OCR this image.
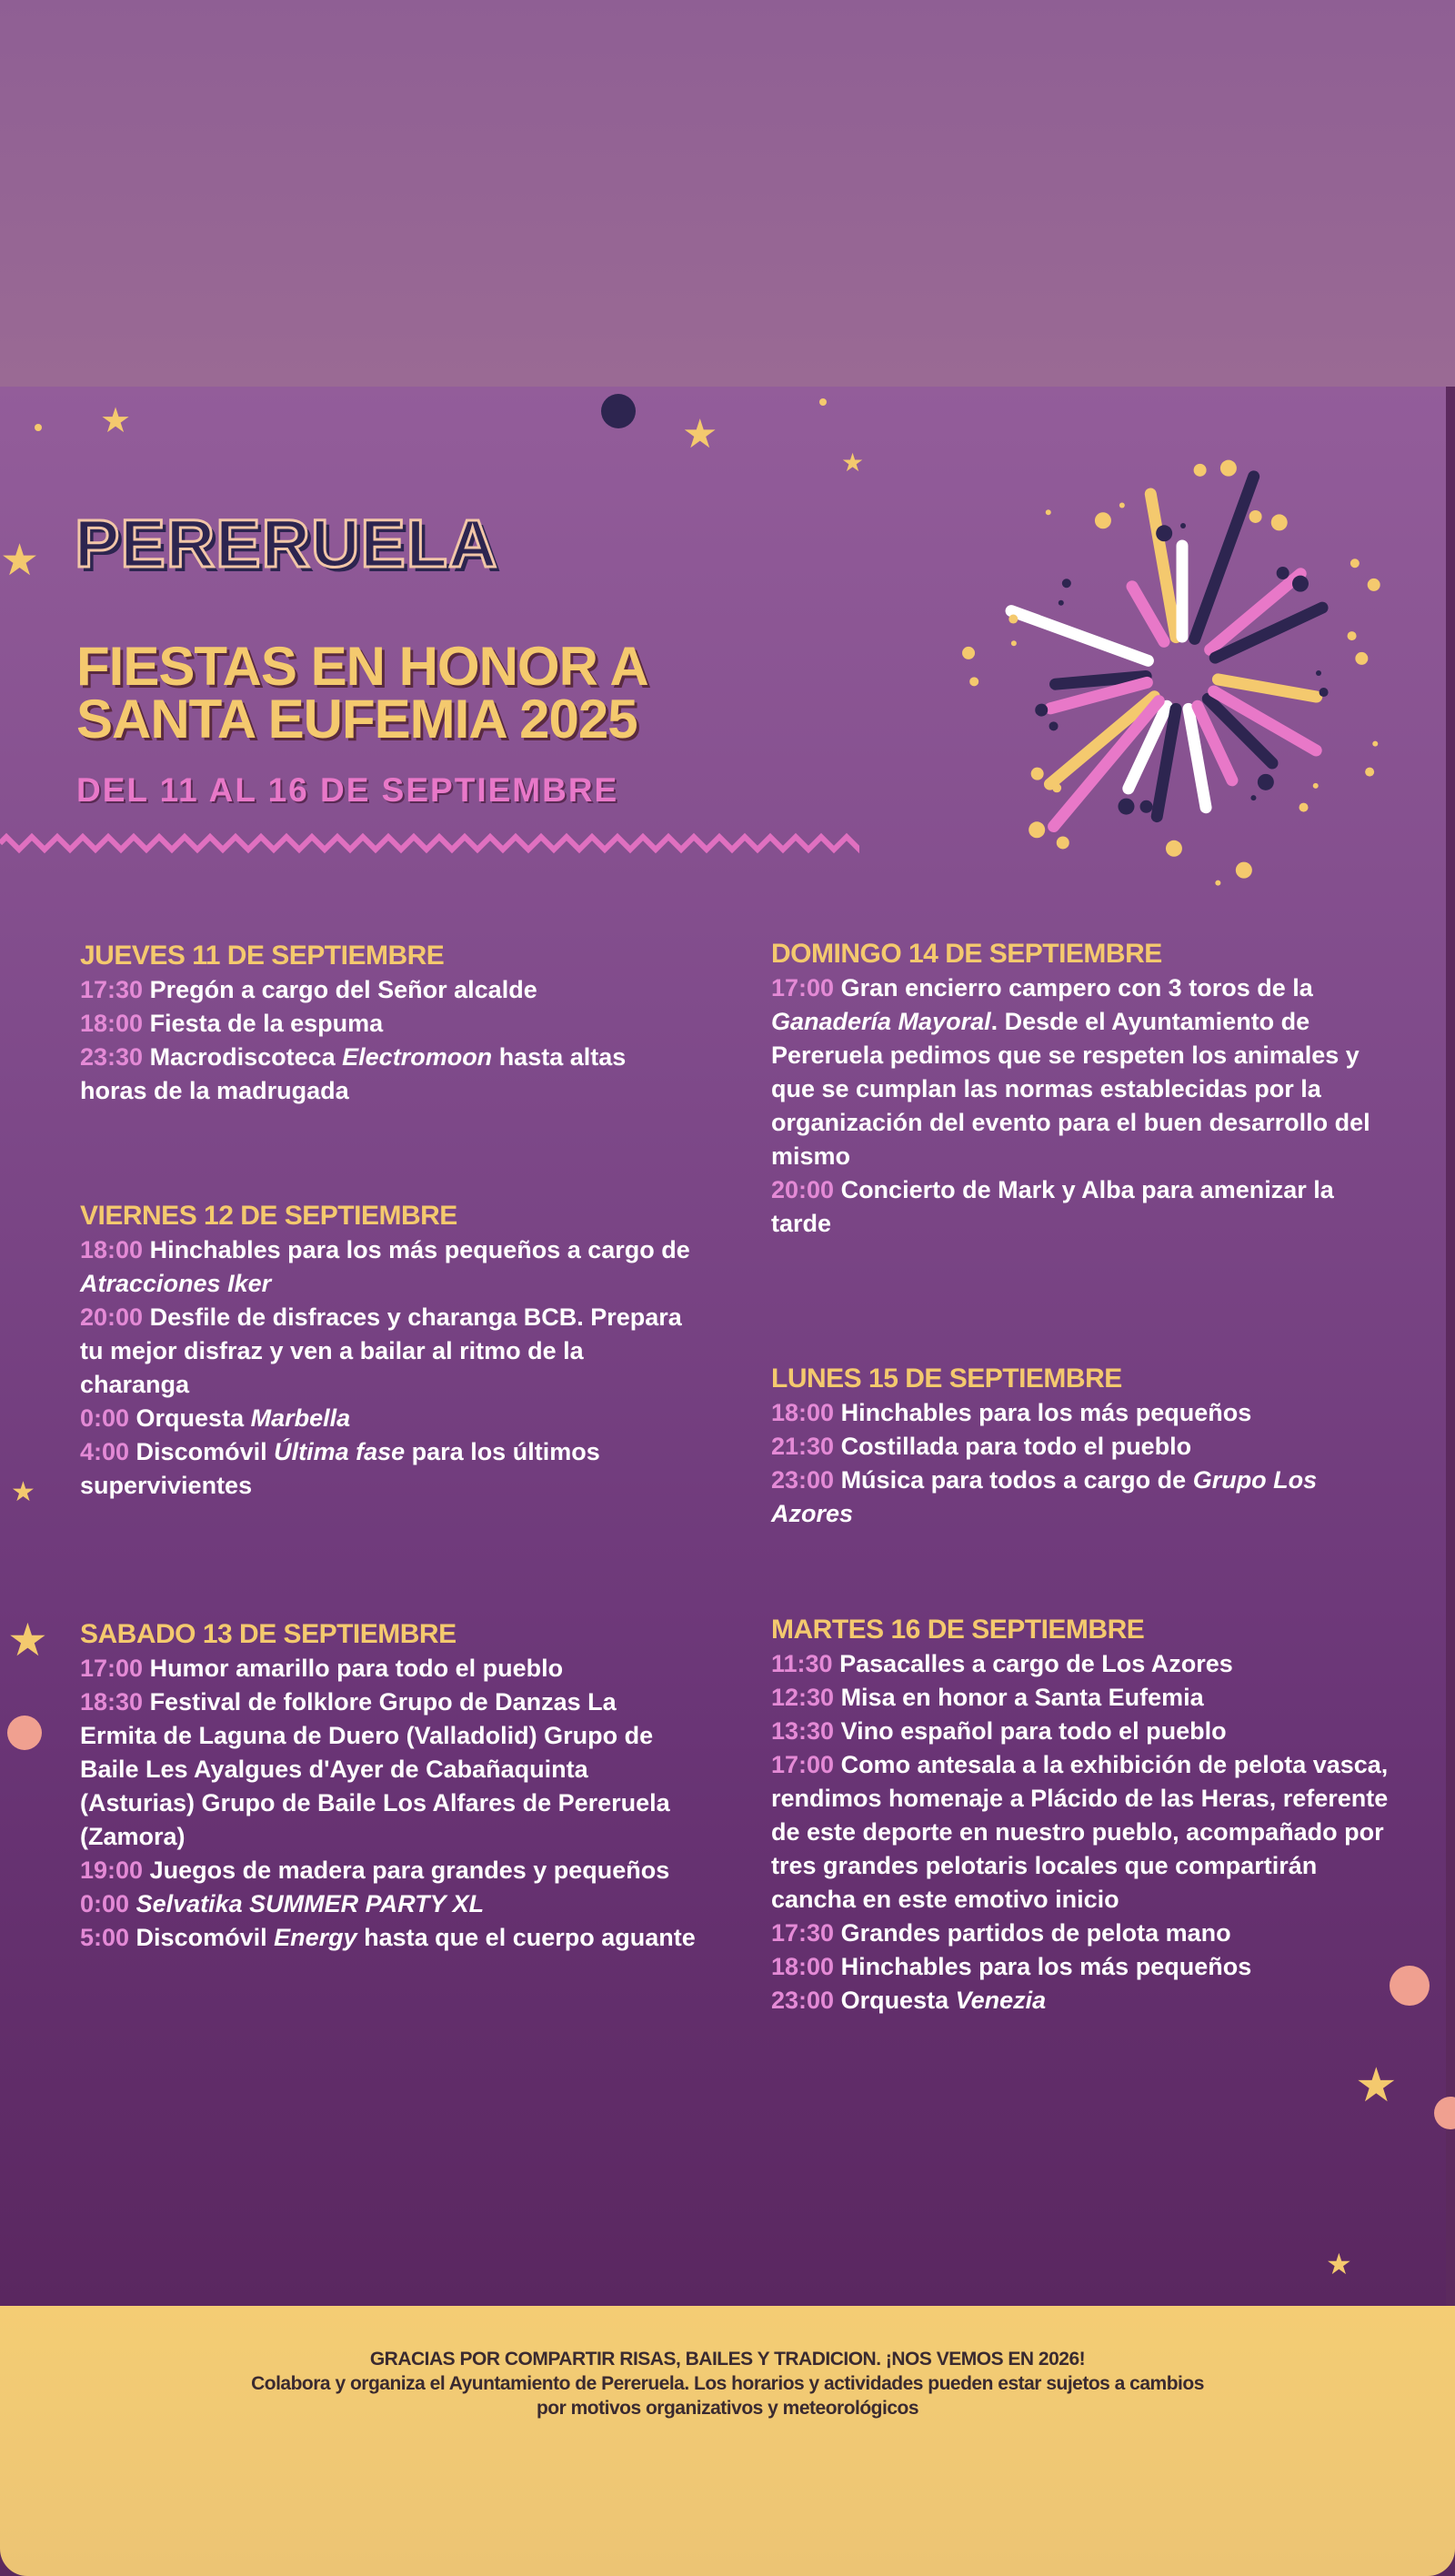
★	★
★
★
★
★
★
★
PERERUELA
FIESTAS EN HONOR A
SANTA EUFEMIA 2025
DEL 11 AL 16 DE SEPTIEMBRE
JUEVES 11 DE SEPTIEMBRE
17:30 Pregón a cargo del Señor alcalde
18:00 Fiesta de la espuma
23:30 Macrodiscoteca Electromoon hasta altas horas de la madrugada
VIERNES 12 DE SEPTIEMBRE
18:00 Hinchables para los más pequeños a cargo de Atracciones Iker
20:00 Desfile de disfraces y charanga BCB. Prepara tu mejor disfraz y ven a bailar al ritmo de la charanga
0:00 Orquesta Marbella
4:00 Discomóvil Última fase para los últimos supervivientes
SABADO 13 DE SEPTIEMBRE
17:00 Humor amarillo para todo el pueblo
18:30 Festival de folklore Grupo de Danzas La Ermita de Laguna de Duero (Valladolid) Grupo de Baile Les Ayalgues d'Ayer de Cabañaquinta (Asturias) Grupo de Baile Los Alfares de Pereruela (Zamora)
19:00 Juegos de madera para grandes y pequeños
0:00 Selvatika SUMMER PARTY XL
5:00 Discomóvil Energy hasta que el cuerpo aguante
DOMINGO 14 DE SEPTIEMBRE
17:00 Gran encierro campero con 3 toros de la Ganadería Mayoral. Desde el Ayuntamiento de Pereruela pedimos que se respeten los animales y que se cumplan las normas establecidas por la organización del evento para el buen desarrollo del mismo
20:00 Concierto de Mark y Alba para amenizar la tarde
LUNES 15 DE SEPTIEMBRE
18:00 Hinchables para los más pequeños
21:30 Costillada para todo el pueblo
23:00 Música para todos a cargo de Grupo Los Azores
MARTES 16 DE SEPTIEMBRE
11:30 Pasacalles a cargo de Los Azores
12:30 Misa en honor a Santa Eufemia
13:30 Vino español para todo el pueblo
17:00 Como antesala a la exhibición de pelota vasca, rendimos homenaje a Plácido de las Heras, referente de este deporte en nuestro pueblo, acompañado por tres grandes pelotaris locales que compartirán cancha en este emotivo inicio
17:30 Grandes partidos de pelota mano
18:00 Hinchables para los más pequeños
23:00 Orquesta Venezia
GRACIAS POR COMPARTIR RISAS, BAILES Y TRADICION. ¡NOS VEMOS EN 2026!
Colabora y organiza el Ayuntamiento de Pereruela. Los horarios y actividades pueden estar sujetos a cambios
por motivos organizativos y meteorológicos
